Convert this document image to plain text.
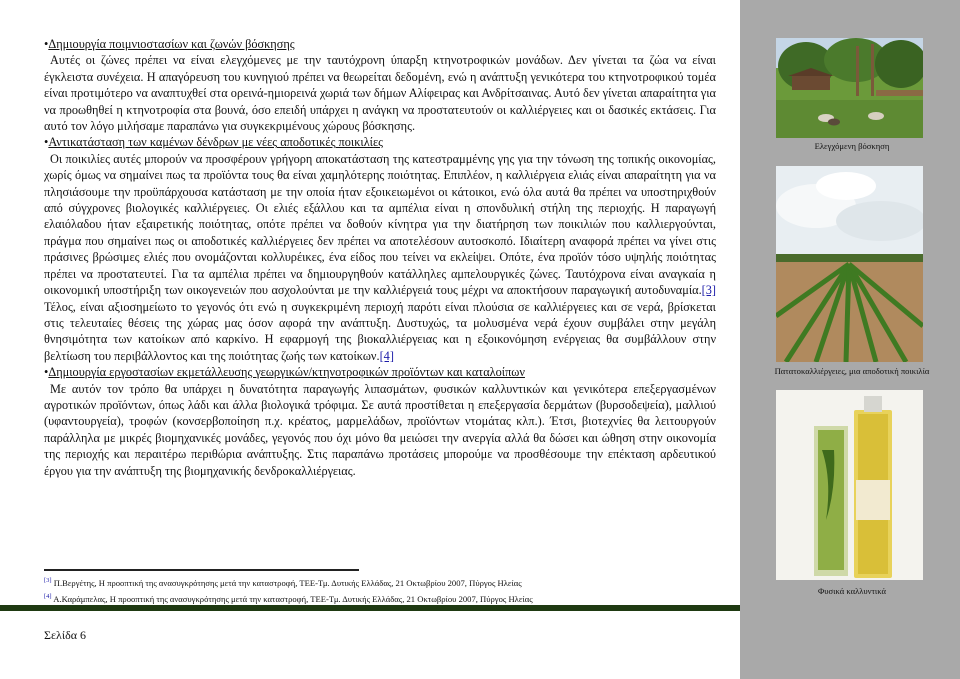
•Δημιουργία ποιμνιοστασίων και ζωνών βόσκησης

Αυτές οι ζώνες πρέπει να είναι ελεγχόμενες με την ταυτόχρονη ύπαρξη κτηνοτροφικών μονάδων. Δεν γίνεται τα ζώα να είναι έγκλειστα συνέχεια. Η απαγόρευση του κυνηγιού πρέπει να θεωρείται δεδομένη, ενώ η ανάπτυξη γενικότερα του κτηνοτροφικού τομέα είναι προτιμότερο να αναπτυχθεί στα ορεινά-ημιορεινά χωριά των δήμων Αλίφειρας και Ανδρίτσαινας. Αυτό δεν γίνεται απαραίτητα για να προωθηθεί η κτηνοτροφία στα βουνά, όσο επειδή υπάρχει η ανάγκη να προστατευτούν οι καλλιέργειες και οι δασικές εκτάσεις. Για αυτό τον λόγο μιλήσαμε παραπάνω για συγκεκριμένους χώρους βόσκησης.

•Αντικατάσταση των καμένων δένδρων με νέες αποδοτικές ποικιλίες

Οι ποικιλίες αυτές μπορούν να προσφέρουν γρήγορη αποκατάσταση της κατεστραμμένης γης για την τόνωση της τοπικής οικονομίας, χωρίς όμως να σημαίνει πως τα προϊόντα τους θα είναι χαμηλότερης ποιότητας. Επιπλέον, η καλλιέργεια ελιάς είναι απαραίτητη για να πλησιάσουμε την προϋπάρχουσα κατάσταση με την οποία ήταν εξοικειωμένοι οι κάτοικοι, ενώ όλα αυτά θα πρέπει να υποστηριχθούν από σύγχρονες βιολογικές καλλιέργειες. Οι ελιές εξάλλου και τα αμπέλια είναι η σπονδυλική στήλη της περιοχής. Η παραγωγή ελαιόλαδου ήταν εξαιρετικής ποιότητας, οπότε πρέπει να δοθούν κίνητρα για την διατήρηση των ποικιλιών που καλλιεργούνται, πράγμα που σημαίνει πως οι αποδοτικές καλλιέργειες δεν πρέπει να αποτελέσουν αυτοσκοπό. Ιδιαίτερη αναφορά πρέπει να γίνει στις πράσινες βρώσιμες ελιές που ονομάζονται κολλυρέικες, ένα είδος που τείνει να εκλείψει. Οπότε, ένα προϊόν τόσο υψηλής ποιότητας πρέπει να προστατευτεί. Για τα αμπέλια πρέπει να δημιουργηθούν κατάλληλες αμπελουργικές ζώνες. Ταυτόχρονα είναι αναγκαία η οικονομική υποστήριξη των οικογενειών που ασχολούνται με την καλλιέργειά τους μέχρι να αποκτήσουν παραγωγική αυτοδυναμία.[3] Τέλος, είναι αξιοσημείωτο το γεγονός ότι ενώ η συγκεκριμένη περιοχή παρότι είναι πλούσια σε καλλιέργειες και σε νερά, βρίσκεται στις τελευταίες θέσεις της χώρας μας όσον αφορά την ανάπτυξη. Δυστυχώς, τα μολυσμένα νερά έχουν συμβάλει στην μεγάλη θνησιμότητα των κατοίκων από καρκίνο. Η εφαρμογή της βιοκαλλιέργειας και η εξοικονόμηση ενέργειας θα συμβάλλουν στην βελτίωση του περιβάλλοντος και της ποιότητας ζωής των κατοίκων.[4]

•Δημιουργία εργοστασίων εκμετάλλευσης γεωργικών/κτηνοτροφικών προϊόντων και καταλοίπων

Με αυτόν τον τρόπο θα υπάρχει η δυνατότητα παραγωγής λιπασμάτων, φυσικών καλλυντικών και γενικότερα επεξεργασμένων αγροτικών προϊόντων, όπως λάδι και άλλα βιολογικά τρόφιμα. Σε αυτά προστίθεται η επεξεργασία δερμάτων (βυρσοδεψεία), μαλλιού (υφαντουργεία), τροφών (κονσερβοποίηση π.χ. κρέατος, μαρμελάδων, προϊόντων ντομάτας κλπ.). Έτσι, βιοτεχνίες θα λειτουργούν παράλληλα με μικρές βιομηχανικές μονάδες, γεγονός που όχι μόνο θα μειώσει την ανεργία αλλά θα δώσει και ώθηση στην οικονομία της περιοχής και περαιτέρω περιθώρια ανάπτυξης. Στις παραπάνω προτάσεις μπορούμε να προσθέσουμε την επέκταση αρδευτικού έργου για την ανάπτυξη της βιομηχανικής δενδροκαλλιέργειας.

[3] Π.Βεργέτης, Η προοπτική της ανασυγκρότησης μετά την καταστροφή, ΤΕΕ-Τμ. Δυτικής Ελλάδας, 21 Οκτωβρίου 2007, Πύργος Ηλείας
[4] Α.Καράμπελας, Η προοπτική της ανασυγκρότησης μετά την καταστροφή, ΤΕΕ-Τμ. Δυτικής Ελλάδας, 21 Οκτωβρίου 2007, Πύργος Ηλείας
Σελίδα 6
Ελεγχόμενη βόσκηση
Πατατοκαλλιέργειες, μια αποδοτική ποικιλία
Φυσικά καλλυντικά
